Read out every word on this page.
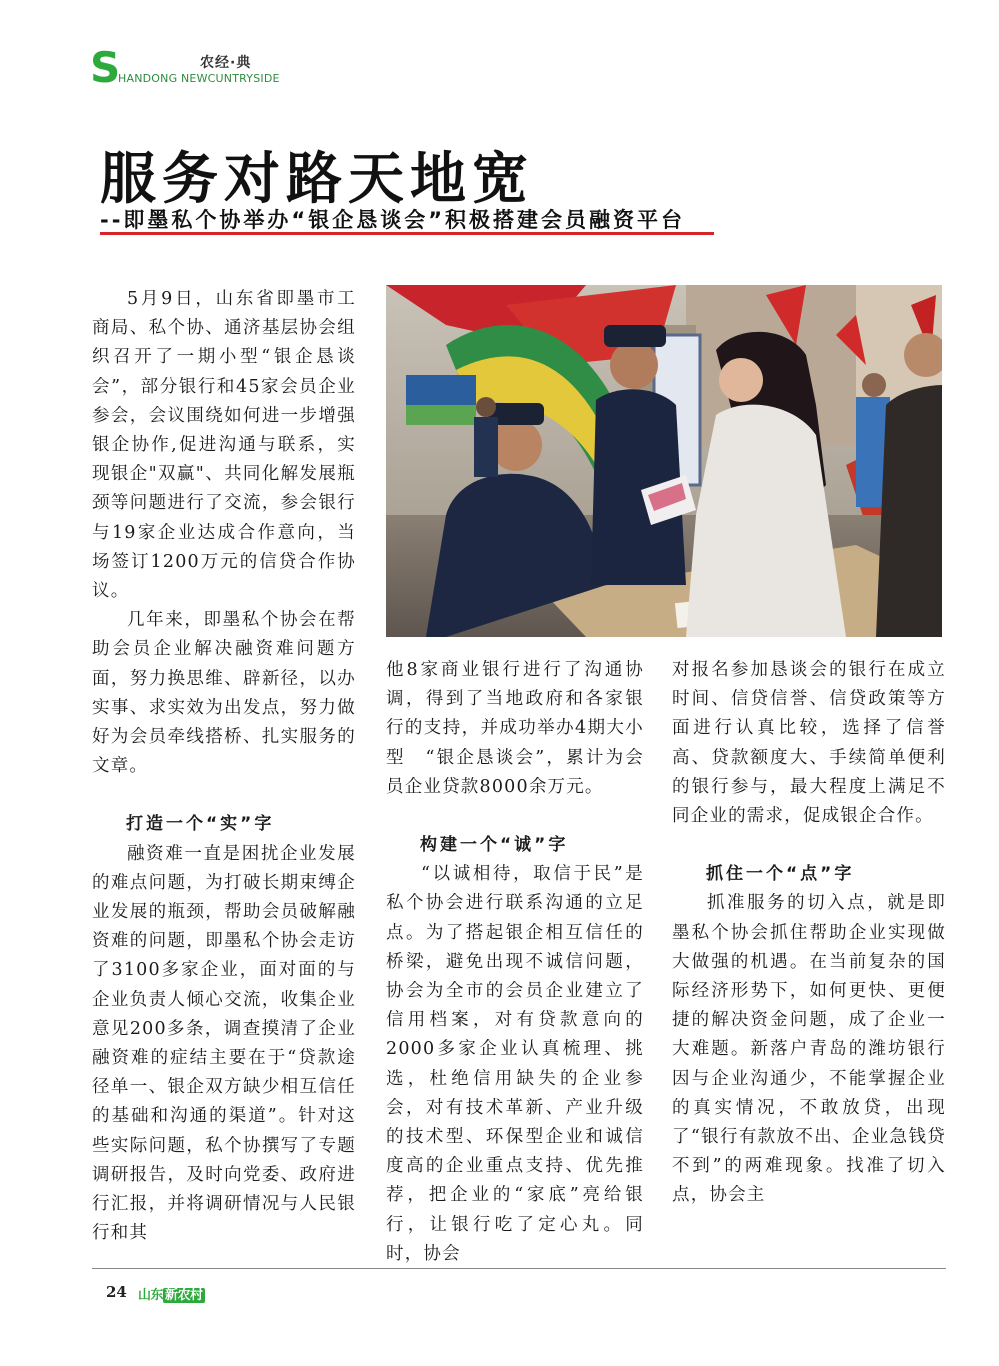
S	农经·典
HANDONG NEWCUNTRYSIDE
服务对路天地宽
--即墨私个协举办“银企恳谈会”积极搭建会员融资平台

5月9日，山东省即墨市工商局、私个协、通济基层协会组织召开了一期小型“银企恳谈会”，部分银行和45家会员企业参会，会议围绕如何进一步增强银企协作,促进沟通与联系，实现银企"双赢"、共同化解发展瓶颈等问题进行了交流，参会银行与19家企业达成合作意向，当场签订1200万元的信贷合作协议。

几年来，即墨私个协会在帮助会员企业解决融资难问题方面，努力换思维、辟新径，以办实事、求实效为出发点，努力做好为会员牵线搭桥、扎实服务的文章。

打造一个“实”字

融资难一直是困扰企业发展的难点问题，为打破长期束缚企业发展的瓶颈，帮助会员破解融资难的问题，即墨私个协会走访了3100多家企业，面对面的与企业负责人倾心交流，收集企业意见200多条，调查摸清了企业融资难的症结主要在于“贷款途径单一、银企双方缺少相互信任的基础和沟通的渠道”。针对这些实际问题，私个协撰写了专题调研报告，及时向党委、政府进行汇报，并将调研情况与人民银行和其

他8家商业银行进行了沟通协调，得到了当地政府和各家银行的支持，并成功举办4期大小型　“银企恳谈会”，累计为会员企业贷款8000余万元。

构建一个“诚”字

“以诚相待，取信于民”是私个协会进行联系沟通的立足点。为了搭起银企相互信任的桥梁，避免出现不诚信问题，协会为全市的会员企业建立了信用档案，对有贷款意向的2000多家企业认真梳理、挑选，杜绝信用缺失的企业参会，对有技术革新、产业升级的技术型、环保型企业和诚信度高的企业重点支持、优先推荐，把企业的“家底”亮给银行，让银行吃了定心丸。同时，协会

对报名参加恳谈会的银行在成立时间、信贷信誉、信贷政策等方面进行认真比较，选择了信誉高、贷款额度大、手续简单便利的银行参与，最大程度上满足不同企业的需求，促成银企合作。

抓住一个“点”字

抓准服务的切入点，就是即墨私个协会抓住帮助企业实现做大做强的机遇。在当前复杂的国际经济形势下，如何更快、更便捷的解决资金问题，成了企业一大难题。新落户青岛的潍坊银行因与企业沟通少，不能掌握企业的真实情况，不敢放贷，出现了“银行有款放不出、企业急钱贷不到”的两难现象。找准了切入点，协会主

24 山东 新农村
